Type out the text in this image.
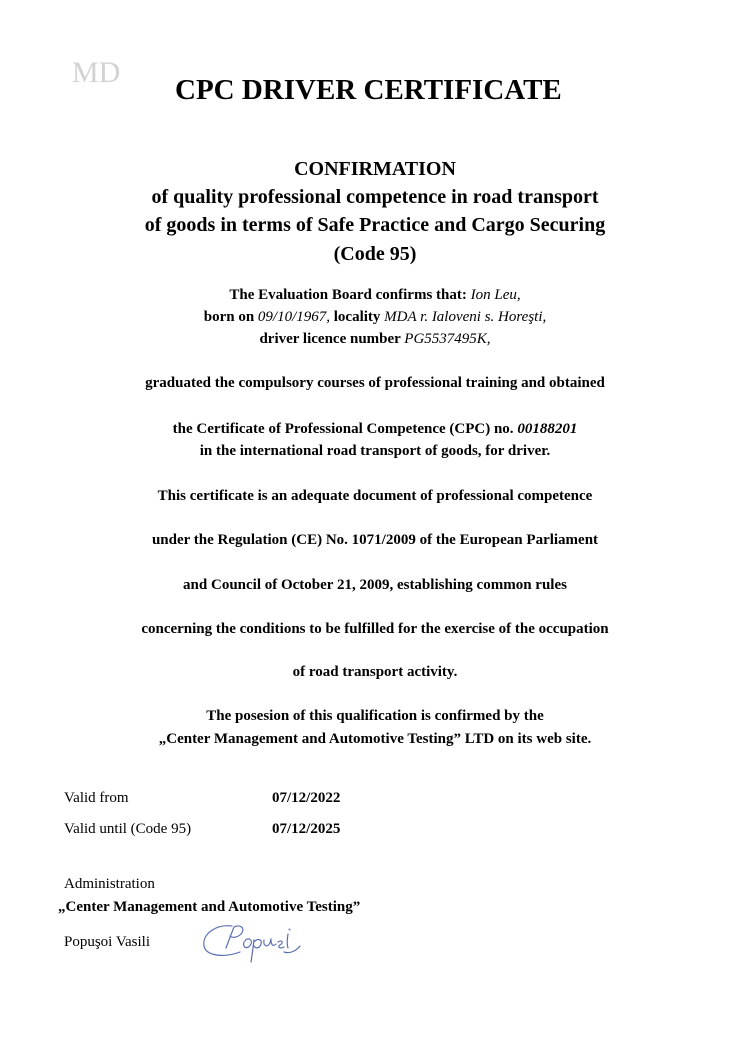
MD
CPC DRIVER CERTIFICATE
CONFIRMATION
of quality professional competence in road transport
of goods in terms of Safe Practice and Cargo Securing
(Code 95)
The Evaluation Board confirms that: Ion Leu,
born on 09/10/1967, locality MDA r. Ialoveni s. Horeşti,
driver licence number PG5537495K,
graduated the compulsory courses of professional training and obtained
the Certificate of Professional Competence (CPC) no. 00188201
in the international road transport of goods, for driver.
This certificate is an adequate document of professional competence
under the Regulation (CE) No. 1071/2009 of the European Parliament
and Council of October 21, 2009, establishing common rules
concerning the conditions to be fulfilled for the exercise of the occupation
of road transport activity.
The posesion of this qualification is confirmed by the
„Center Management and Automotive Testing” LTD on its web site.
Valid from	07/12/2022
Valid until (Code 95)	07/12/2025
Administration
„Center Management and Automotive Testing”
Popuşoi Vasili
